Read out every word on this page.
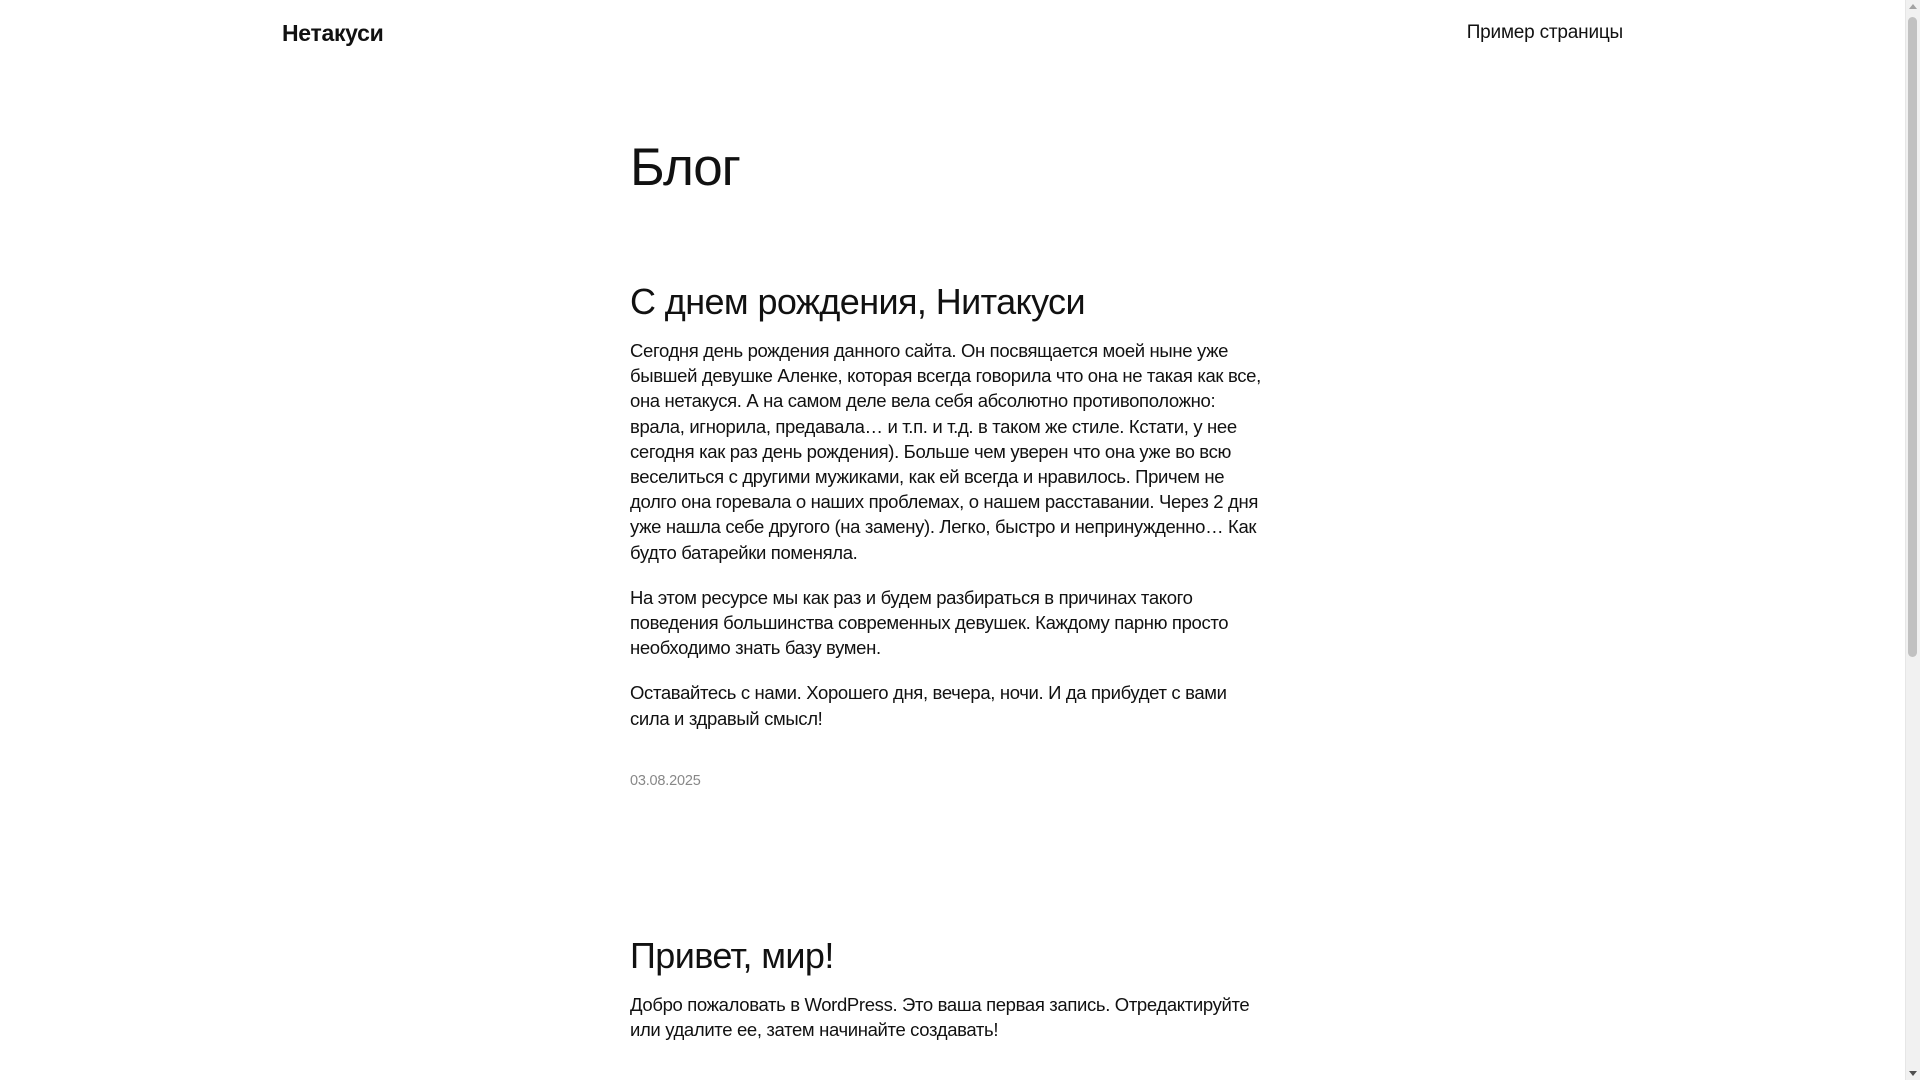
Нетакуси	Пример страницы
Блог
С днем рождения, Нитакуси

Сегодня день рождения данного сайта. Он посвящается моей ныне уже бывшей девушке Аленке, которая всегда говорила что она не такая как все, она нетакуся. А на самом деле вела себя абсолютно противоположно: врала, игнорила, предавала… и т.п. и т.д. в таком же стиле. Кстати, у нее сегодня как раз день рождения). Больше чем уверен что она уже во всю веселиться с другими мужиками, как ей всегда и нравилось. Причем не долго она горевала о наших проблемах, о нашем расставании. Через 2 дня уже нашла себе другого (на замену). Легко, быстро и непринужденно… Как будто батарейки поменяла.

На этом ресурсе мы как раз и будем разбираться в причинах такого поведения большинства современных девушек. Каждому парню просто необходимо знать базу вумен.

Оставайтесь с нами. Хорошего дня, вечера, ночи. И да прибудет с вами сила и здравый смысл!

03.08.2025
Привет, мир!

Добро пожаловать в WordPress. Это ваша первая запись. Отредактируйте или удалите ее, затем начинайте создавать!
